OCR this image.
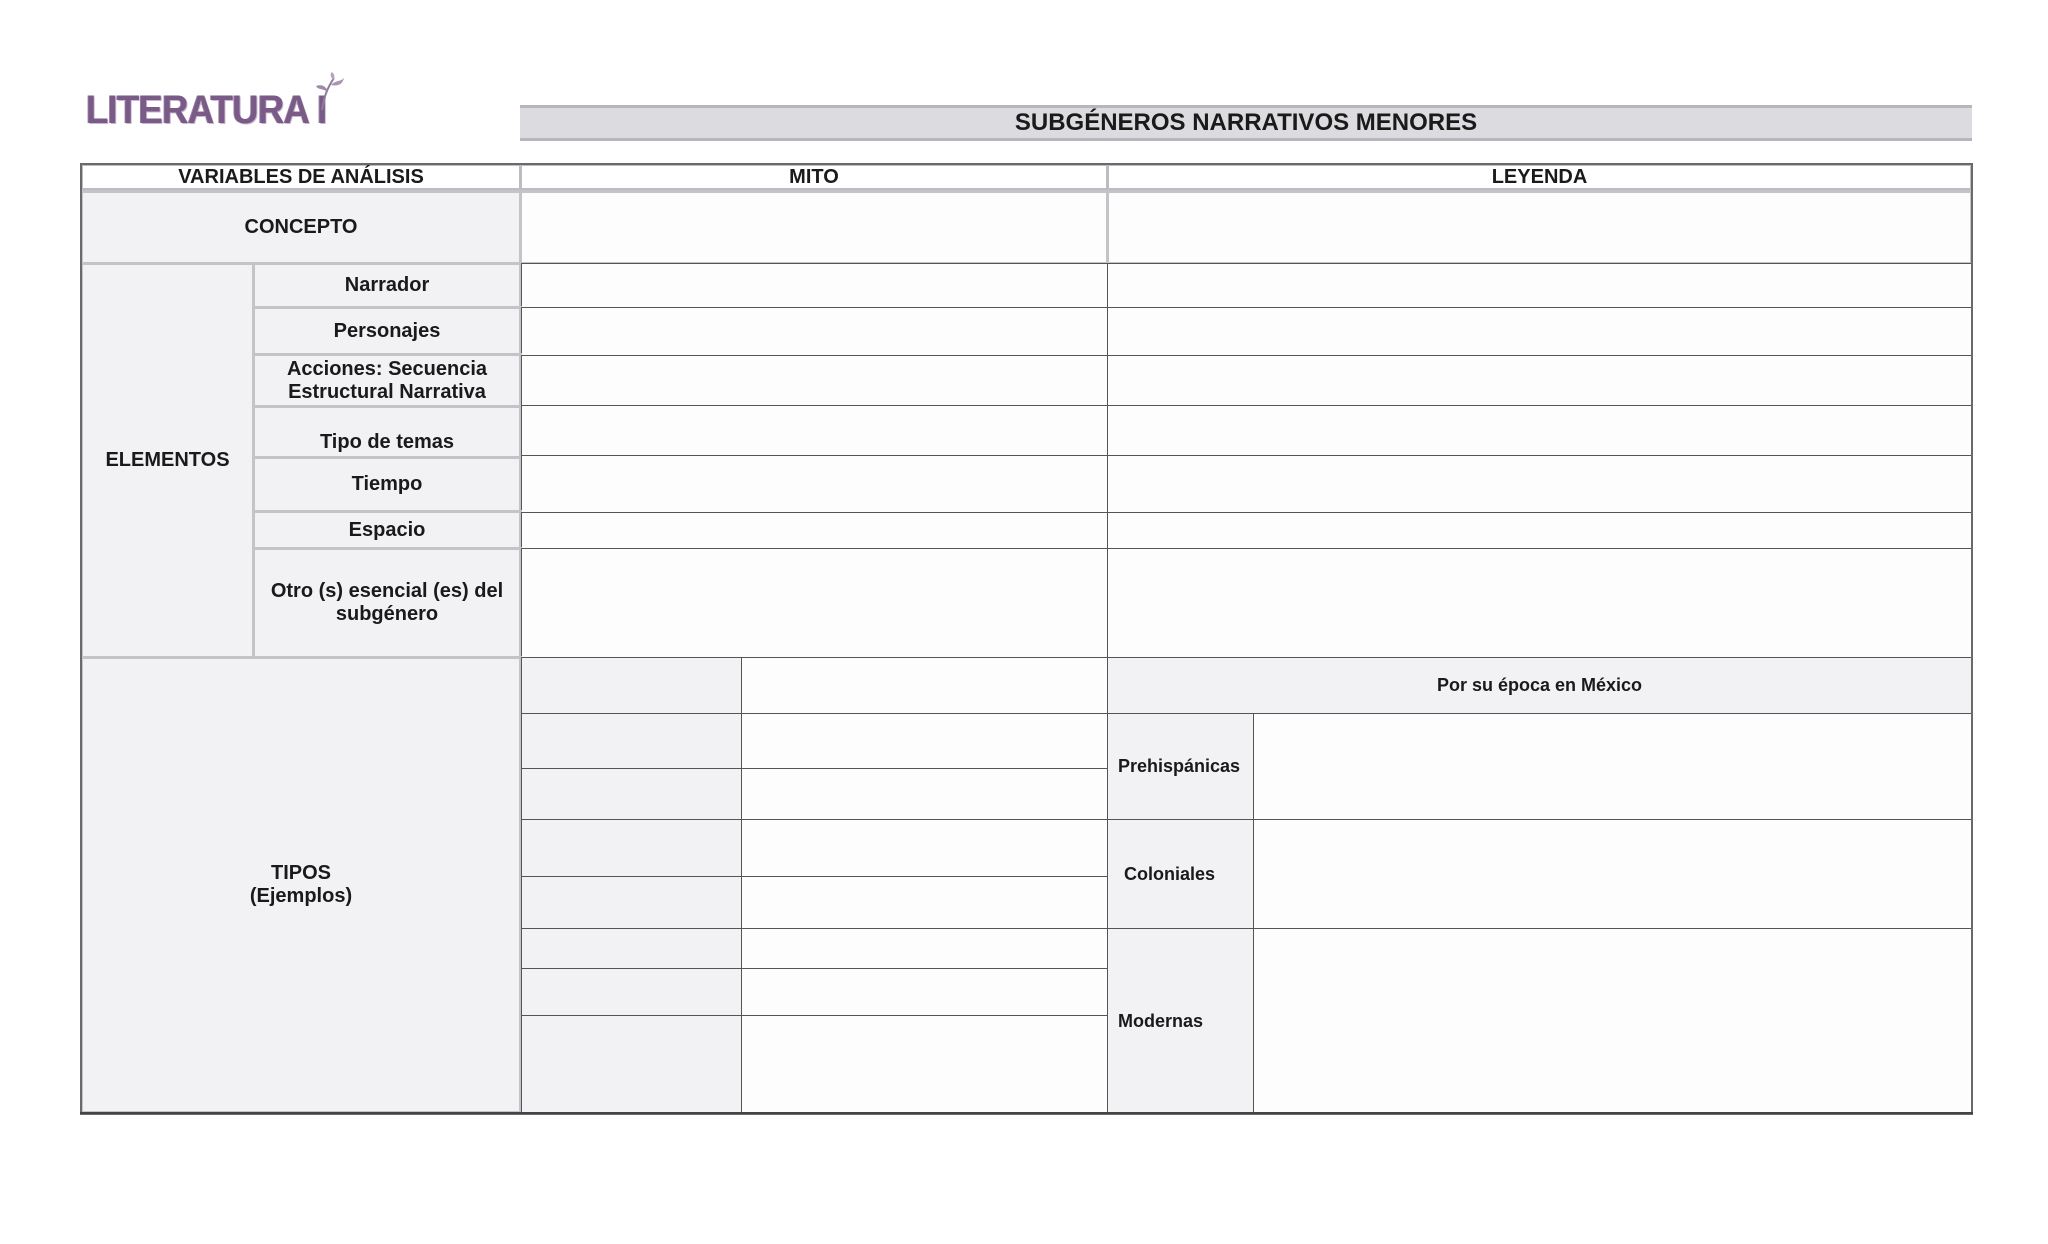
LITERATURA I	SUBGÉNEROS NARRATIVOS MENORES
VARIABLES DE ANÁLISIS	MITO	LEYENDA
CONCEPTO
ELEMENTOS
Narrador
Personajes
Acciones: Secuencia Estructural Narrativa
Tipo de temas
Tiempo
Espacio
Otro (s) esencial (es) del subgénero
TIPOS
(Ejemplos)
Por su época en México
Prehispánicas
Coloniales
Modernas
